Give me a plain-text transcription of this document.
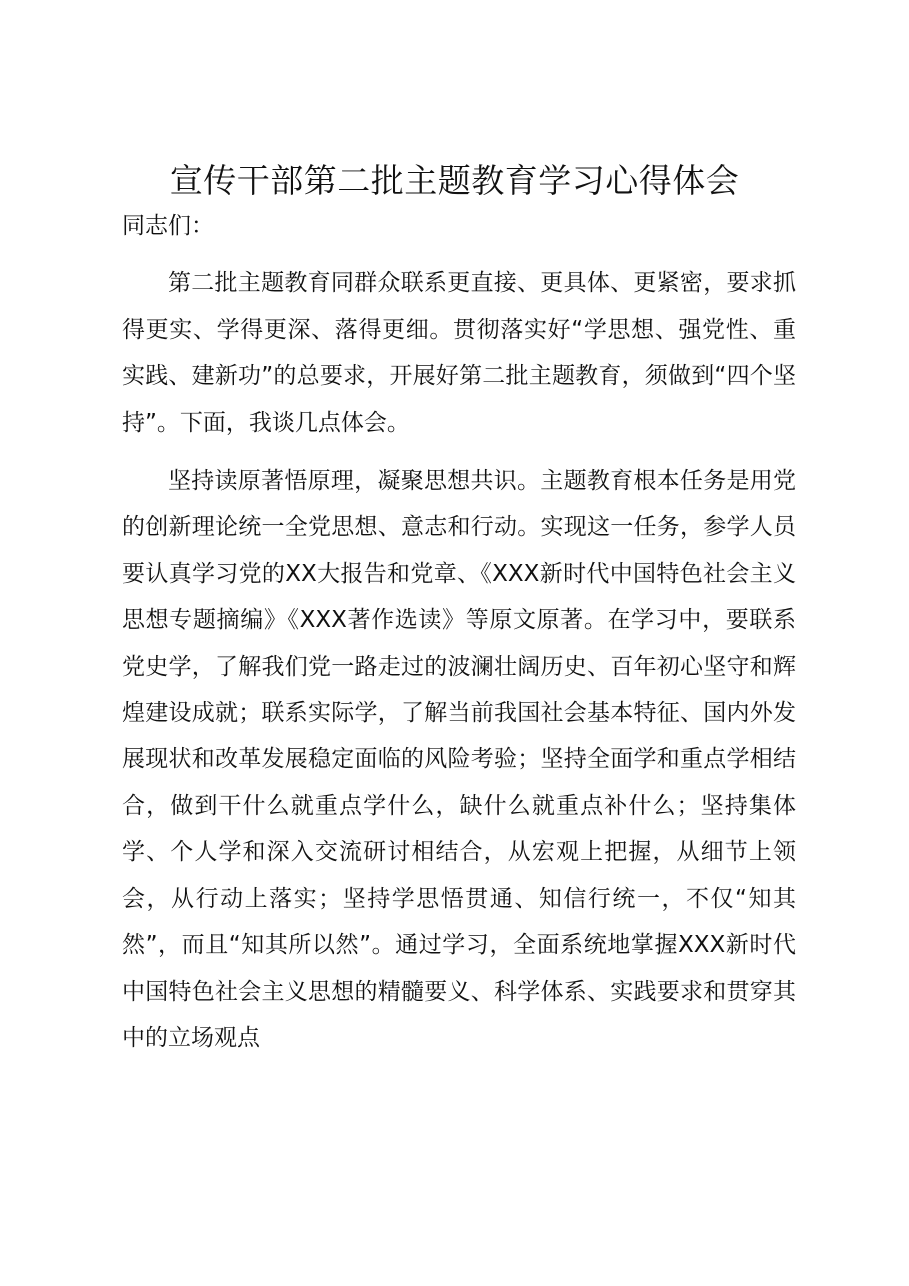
宣传干部第二批主题教育学习心得体会

同志们：

第二批主题教育同群众联系更直接、更具体、更紧密，要求抓得更实、学得更深、落得更细。贯彻落实好“学思想、强党性、重实践、建新功”的总要求，开展好第二批主题教育，须做到“四个坚持”。下面，我谈几点体会。

坚持读原著悟原理，凝聚思想共识。主题教育根本任务是用党的创新理论统一全党思想、意志和行动。实现这一任务，参学人员要认真学习党的XX大报告和党章、《XXX新时代中国特色社会主义思想专题摘编》《XXX著作选读》等原文原著。在学习中，要联系党史学，了解我们党一路走过的波澜壮阔历史、百年初心坚守和辉煌建设成就；联系实际学，了解当前我国社会基本特征、国内外发展现状和改革发展稳定面临的风险考验；坚持全面学和重点学相结合，做到干什么就重点学什么，缺什么就重点补什么；坚持集体学、个人学和深入交流研讨相结合，从宏观上把握，从细节上领会，从行动上落实；坚持学思悟贯通、知信行统一，不仅“知其然”，而且“知其所以然”。通过学习，全面系统地掌握XXX新时代中国特色社会主义思想的精髓要义、科学体系、实践要求和贯穿其中的立场观点
